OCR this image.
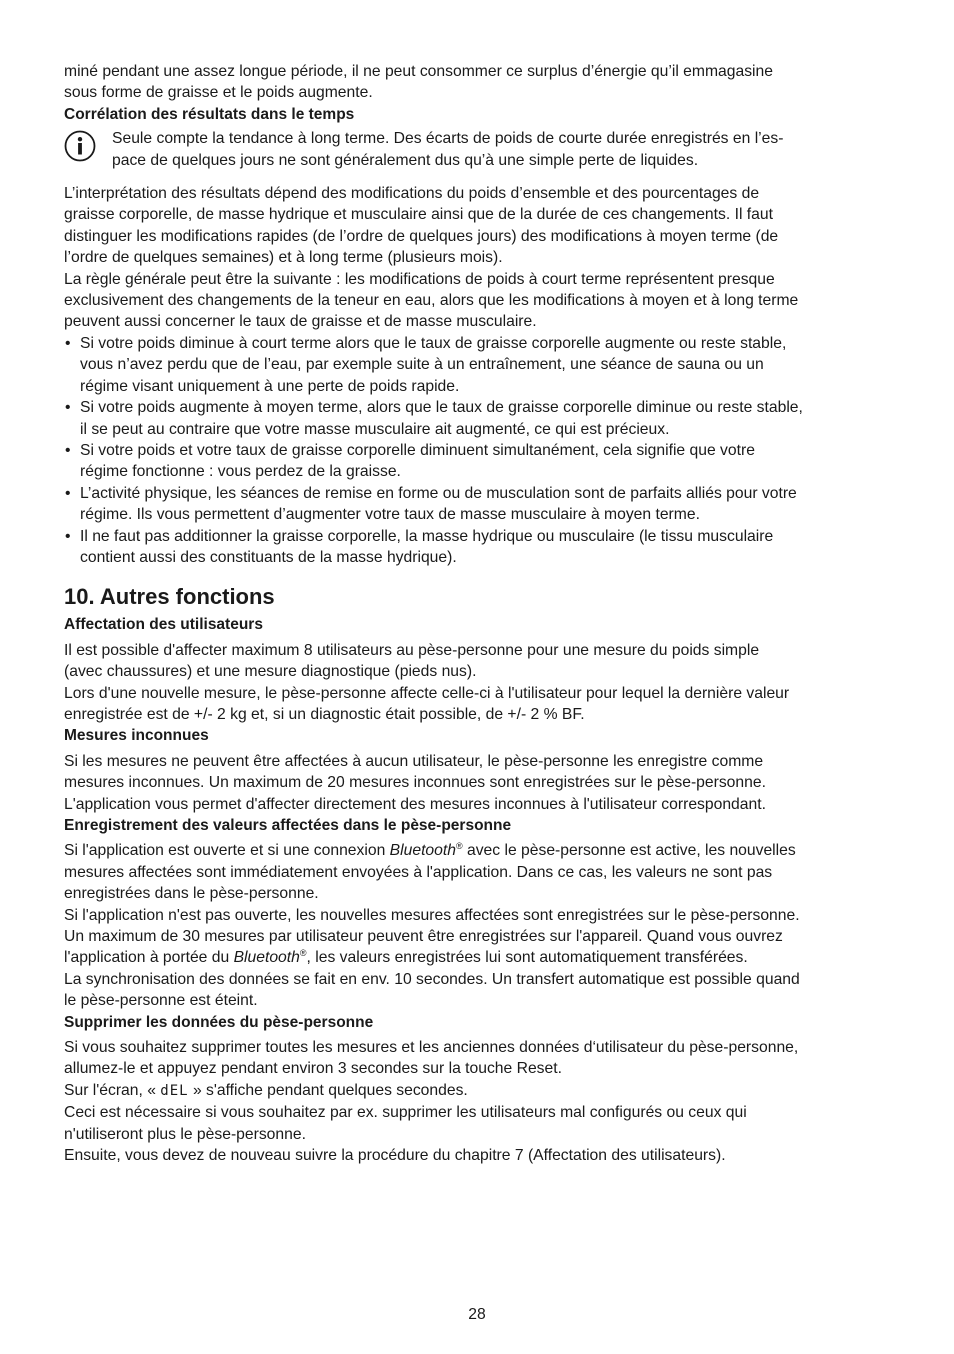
miné pendant une assez longue période, il ne peut consommer ce surplus d’énergie qu’il emmagasine
sous forme de graisse et le poids augmente.

Corrélation des résultats dans le temps

Seule compte la tendance à long terme. Des écarts de poids de courte durée enregistrés en l’es-
pace de quelques jours ne sont généralement dus qu’à une simple perte de liquides.

L’interprétation des résultats dépend des modifications du poids d’ensemble et des pourcentages de
graisse corporelle, de masse hydrique et musculaire ainsi que de la durée de ces changements. Il faut
distinguer les modifications rapides (de l’ordre de quelques jours) des modifications à moyen terme (de
l’ordre de quelques semaines) et à long terme (plusieurs mois).

La règle générale peut être la suivante : les modifications de poids à court terme représentent presque
exclusivement des changements de la teneur en eau, alors que les modifications à moyen et à long terme
peuvent aussi concerner le taux de graisse et de masse musculaire.

• Si votre poids diminue à court terme alors que le taux de graisse corporelle augmente ou reste stable,
vous n’avez perdu que de l’eau, par exemple suite à un entraînement, une séance de sauna ou un
régime visant uniquement à une perte de poids rapide.
• Si votre poids augmente à moyen terme, alors que le taux de graisse corporelle diminue ou reste stable,
il se peut au contraire que votre masse musculaire ait augmenté, ce qui est précieux.
• Si votre poids et votre taux de graisse corporelle diminuent simultanément, cela signifie que votre
régime fonctionne : vous perdez de la graisse.
• L’activité physique, les séances de remise en forme ou de musculation sont de parfaits alliés pour votre
régime. Ils vous permettent d’augmenter votre taux de masse musculaire à moyen terme.
• Il ne faut pas additionner la graisse corporelle, la masse hydrique ou musculaire (le tissu musculaire
contient aussi des constituants de la masse hydrique).

10. Autres fonctions

Affectation des utilisateurs

Il est possible d'affecter maximum 8 utilisateurs au pèse-personne pour une mesure du poids simple
(avec chaussures) et une mesure diagnostique (pieds nus).
Lors d'une nouvelle mesure, le pèse-personne affecte celle-ci à l'utilisateur pour lequel la dernière valeur
enregistrée est de +/- 2 kg et, si un diagnostic était possible, de +/- 2 % BF.

Mesures inconnues

Si les mesures ne peuvent être affectées à aucun utilisateur, le pèse-personne les enregistre comme
mesures inconnues. Un maximum de 20 mesures inconnues sont enregistrées sur le pèse-personne.
L'application vous permet d'affecter directement des mesures inconnues à l'utilisateur correspondant.

Enregistrement des valeurs affectées dans le pèse-personne

Si l'application est ouverte et si une connexion Bluetooth® avec le pèse-personne est active, les nouvelles
mesures affectées sont immédiatement envoyées à l'application. Dans ce cas, les valeurs ne sont pas
enregistrées dans le pèse-personne.
Si l'application n'est pas ouverte, les nouvelles mesures affectées sont enregistrées sur le pèse-personne.
Un maximum de 30 mesures par utilisateur peuvent être enregistrées sur l'appareil. Quand vous ouvrez
l'application à portée du Bluetooth®, les valeurs enregistrées lui sont automatiquement transférées.
La synchronisation des données se fait en env. 10 secondes. Un transfert automatique est possible quand
le pèse-personne est éteint.

Supprimer les données du pèse-personne

Si vous souhaitez supprimer toutes les mesures et les anciennes données d‘utilisateur du pèse-personne,
allumez-le et appuyez pendant environ 3 secondes sur la touche Reset.
Sur l'écran, « dEL » s'affiche pendant quelques secondes.
Ceci est nécessaire si vous souhaitez par ex. supprimer les utilisateurs mal configurés ou ceux qui
n'utiliseront plus le pèse-personne.
Ensuite, vous devez de nouveau suivre la procédure du chapitre 7 (Affectation des utilisateurs).

28
